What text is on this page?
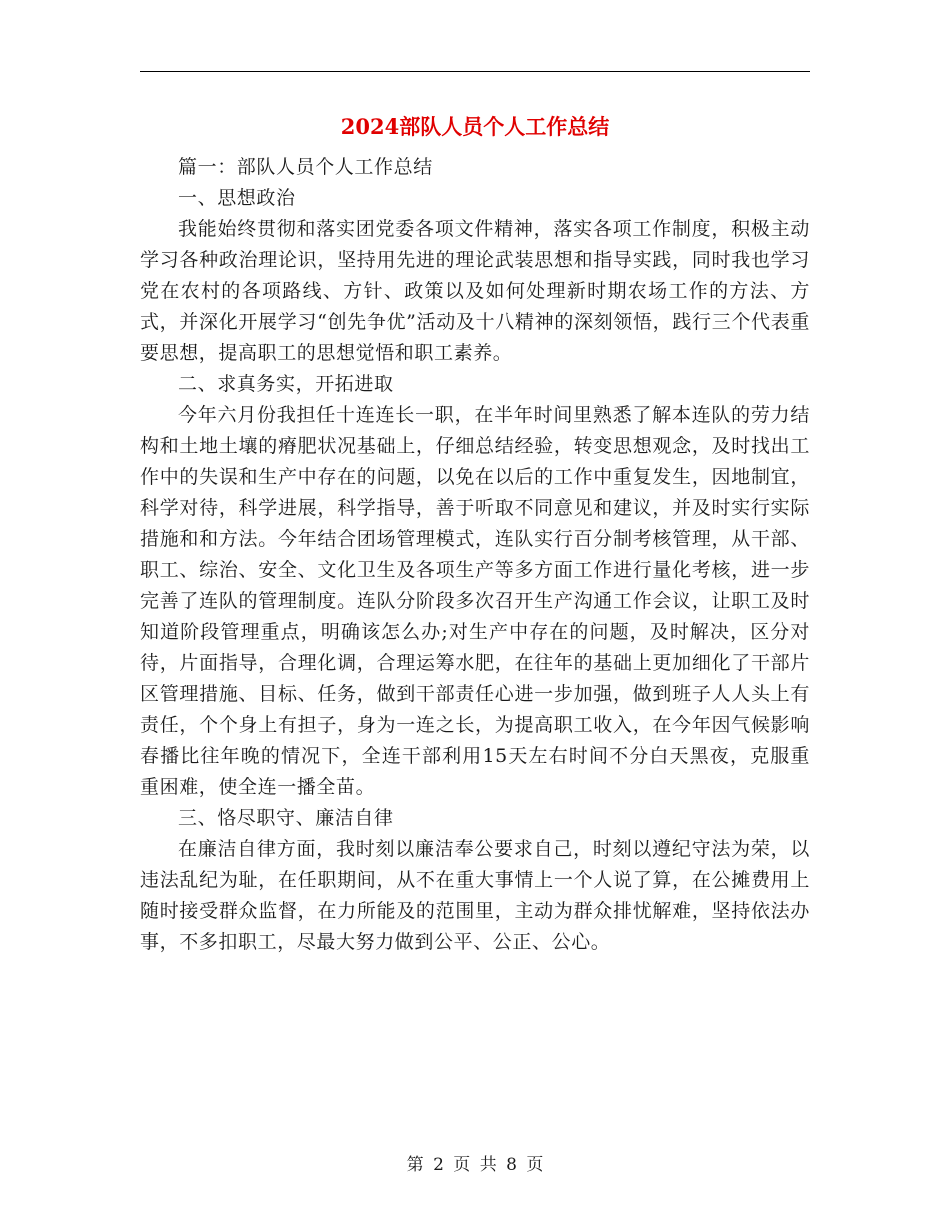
2024部队人员个人工作总结

篇一：部队人员个人工作总结

一、思想政治

我能始终贯彻和落实团党委各项文件精神，落实各项工作制度，积极主动学习各种政治理论识，坚持用先进的理论武装思想和指导实践，同时我也学习党在农村的各项路线、方针、政策以及如何处理新时期农场工作的方法、方式，并深化开展学习“创先争优”活动及十八精神的深刻领悟，践行三个代表重要思想，提高职工的思想觉悟和职工素养。

二、求真务实，开拓进取

今年六月份我担任十连连长一职，在半年时间里熟悉了解本连队的劳力结构和土地土壤的瘠肥状况基础上，仔细总结经验，转变思想观念，及时找出工作中的失误和生产中存在的问题，以免在以后的工作中重复发生，因地制宜，科学对待，科学进展，科学指导，善于听取不同意见和建议，并及时实行实际措施和和方法。今年结合团场管理模式，连队实行百分制考核管理，从干部、职工、综治、安全、文化卫生及各项生产等多方面工作进行量化考核，进一步完善了连队的管理制度。连队分阶段多次召开生产沟通工作会议，让职工及时知道阶段管理重点，明确该怎么办;对生产中存在的问题，及时解决，区分对待，片面指导，合理化调，合理运筹水肥，在往年的基础上更加细化了干部片区管理措施、目标、任务，做到干部责任心进一步加强，做到班子人人头上有责任，个个身上有担子，身为一连之长，为提高职工收入，在今年因气候影响春播比往年晚的情况下，全连干部利用15天左右时间不分白天黑夜，克服重重困难，使全连一播全苗。

三、恪尽职守、廉洁自律

在廉洁自律方面，我时刻以廉洁奉公要求自己，时刻以遵纪守法为荣，以违法乱纪为耻，在任职期间，从不在重大事情上一个人说了算，在公摊费用上随时接受群众监督，在力所能及的范围里，主动为群众排忧解难，坚持依法办事，不多扣职工，尽最大努力做到公平、公正、公心。

第 2 页 共 8 页
